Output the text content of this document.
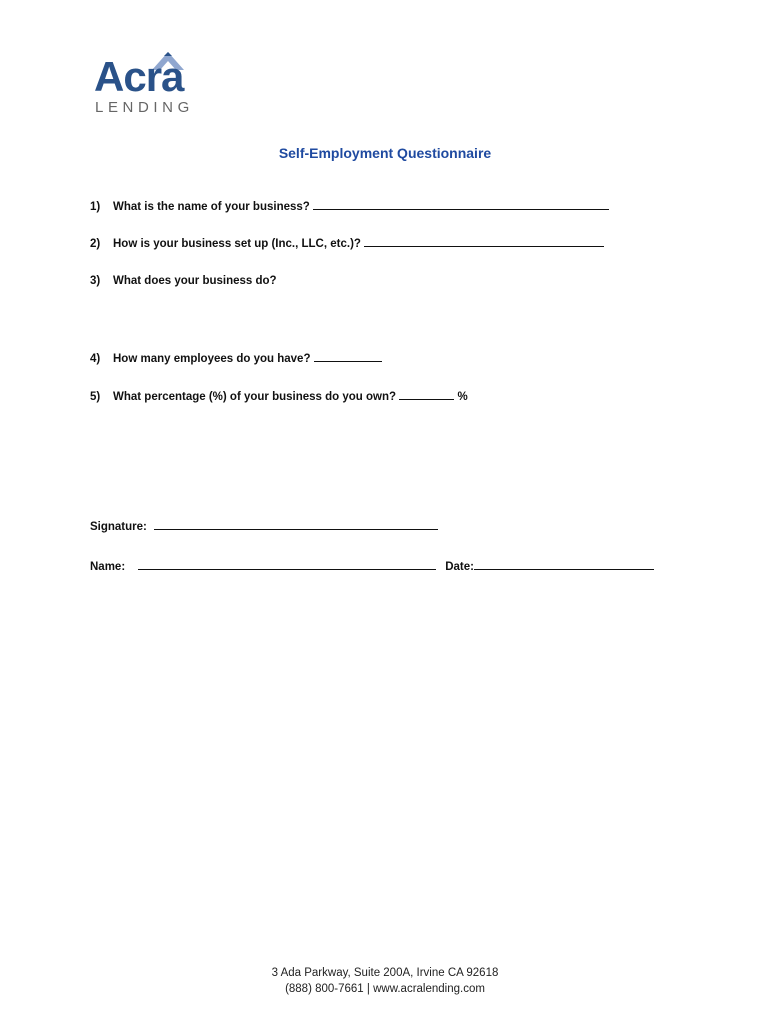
Acra
LENDING
Self-Employment Questionnaire
1) What is the name of your business?
2) How is your business set up (Inc., LLC, etc.)?
3) What does your business do?
4) How many employees do you have?
5) What percentage (%) of your business do you own?	%
Signature:
Name:	Date:
3 Ada Parkway, Suite 200A, Irvine CA 92618
(888) 800-7661 | www.acralending.com
